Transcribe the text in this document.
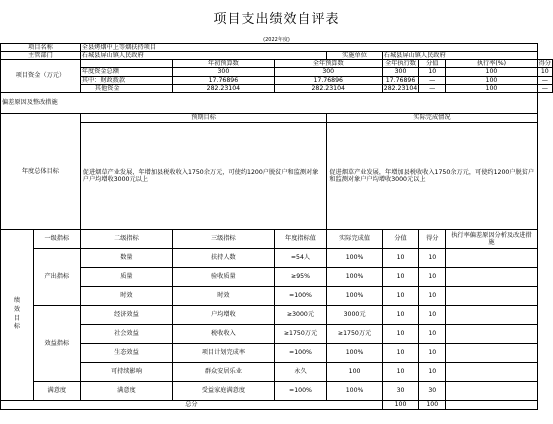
项目支出绩效自评表
(2022年度)
项目名称		全县烤烟中上等烟扶持项目							
主管部门		石城县屏山镇人民政府			实施单位	石城县屏山镇人民政府			
项目资金（万元）			年初预算数	全年预算数		全年执行数	分值	执行率(%)	得分
		年度资金总额	300	300		300	10	100	10
		其中：财政拨款	17.76896	17.76896		17.76896	—	100	—
		其他资金	282.23104	282.23104		282.23104	—	100	—
偏差原因及整改措施									
年度总体目标		预期目标			实际完成情况				
		促进烟草产业发展，年增加县税收收入1750余万元，可使约1200户脱贫户和监测对象户户均增收3000元以上			促进烟草产业发展，年增加县税收收入1750余万元，可使约1200户脱贫户和监测对象户户均增收3000元以上				
绩效目标	一级指标	二级指标	三级指标	年度指标值	实际完成值	分值	得分	执行率偏差原因分析及改进措施	
	产出指标	数量	扶持人数	=54人	100%	10	10		
		质量	验收质量	≥95%	100%	10	10		
		时效	时效	=100%	100%	10	10		
	效益指标	经济效益	户均增收	≥3000元	3000元	10	10		
		社会效益	税收收入	≥1750万元	≥1750万元	10	10		
		生态效益	项目计划完成率	=100%	100%	10	10		
		可持续影响	群众安居乐业	永久	100	10	10		
	满意度	满意度	受益家庭满意度	=100%	100%	30	30		
总分						100	100		
